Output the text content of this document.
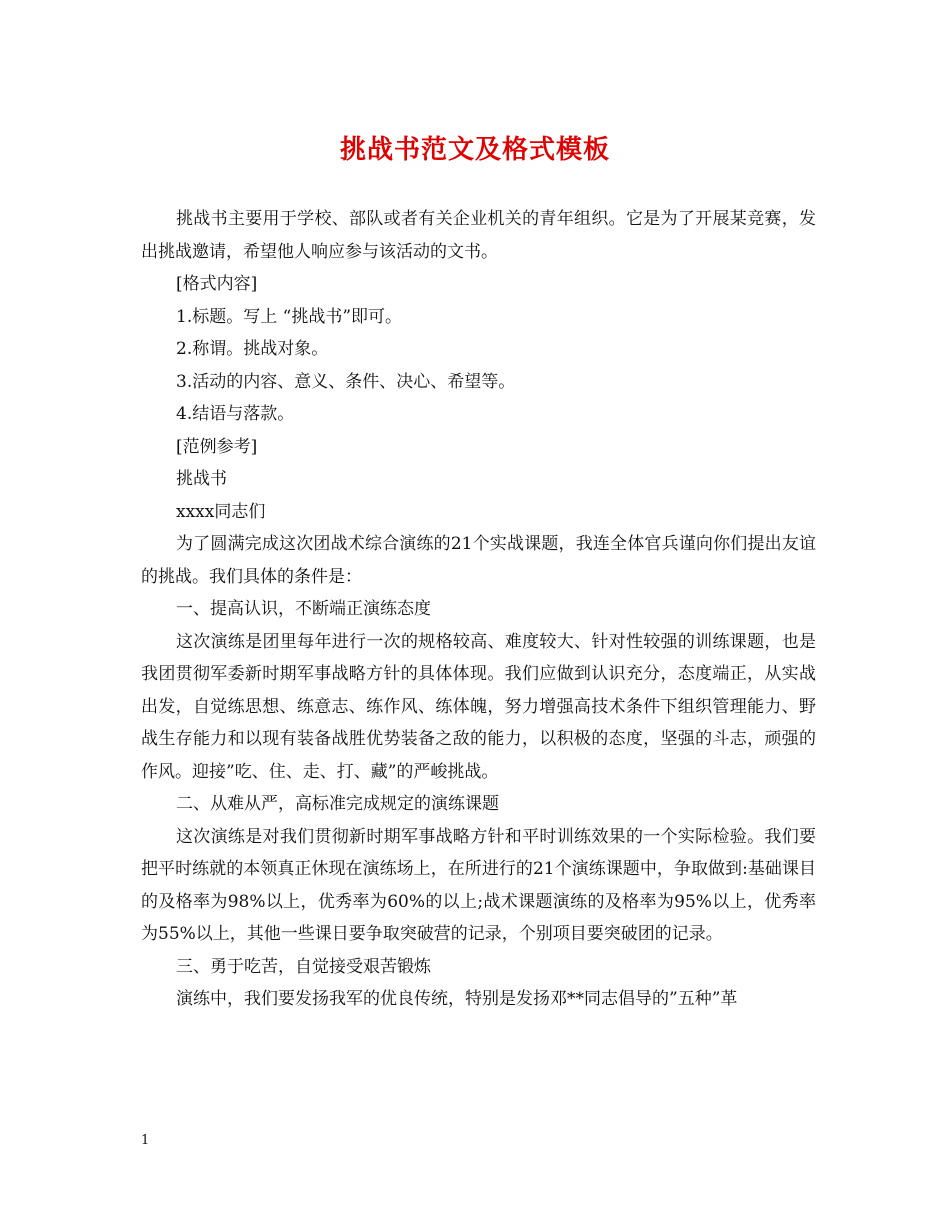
挑战书范文及格式模板

挑战书主要用于学校、部队或者有关企业机关的青年组织。它是为了开展某竞赛，发出挑战邀请，希望他人响应参与该活动的文书。

[格式内容]

1.标题。写上 “挑战书”即可。

2.称谓。挑战对象。

3.活动的内容、意义、条件、决心、希望等。

4.结语与落款。

[范例参考]

挑战书

xxxx同志们

为了圆满完成这次团战术综合演练的21个实战课题，我连全体官兵谨向你们提出友谊的挑战。我们具体的条件是：

一、提高认识，不断端正演练态度

这次演练是团里每年进行一次的规格较高、难度较大、针对性较强的训练课题，也是我团贯彻军委新时期军事战略方针的具体体现。我们应做到认识充分，态度端正，从实战出发，自觉练思想、练意志、练作风、练体魄，努力增强高技术条件下组织管理能力、野战生存能力和以现有装备战胜优势装备之敌的能力，以积极的态度，坚强的斗志，顽强的作风。迎接”吃、住、走、打、藏”的严峻挑战。

二、从难从严，高标准完成规定的演练课题

这次演练是对我们贯彻新时期军事战略方针和平时训练效果的一个实际检验。我们要把平时练就的本领真正休现在演练场上，在所进行的21个演练课题中，争取做到:基础课目的及格率为98%以上，优秀率为60%的以上;战术课题演练的及格率为95%以上，优秀率为55%以上，其他一些课日要争取突破营的记录，个别项目要突破团的记录。

三、勇于吃苦，自觉接受艰苦锻炼

演练中，我们要发扬我军的优良传统，特别是发扬邓**同志倡导的”五种”革

1
